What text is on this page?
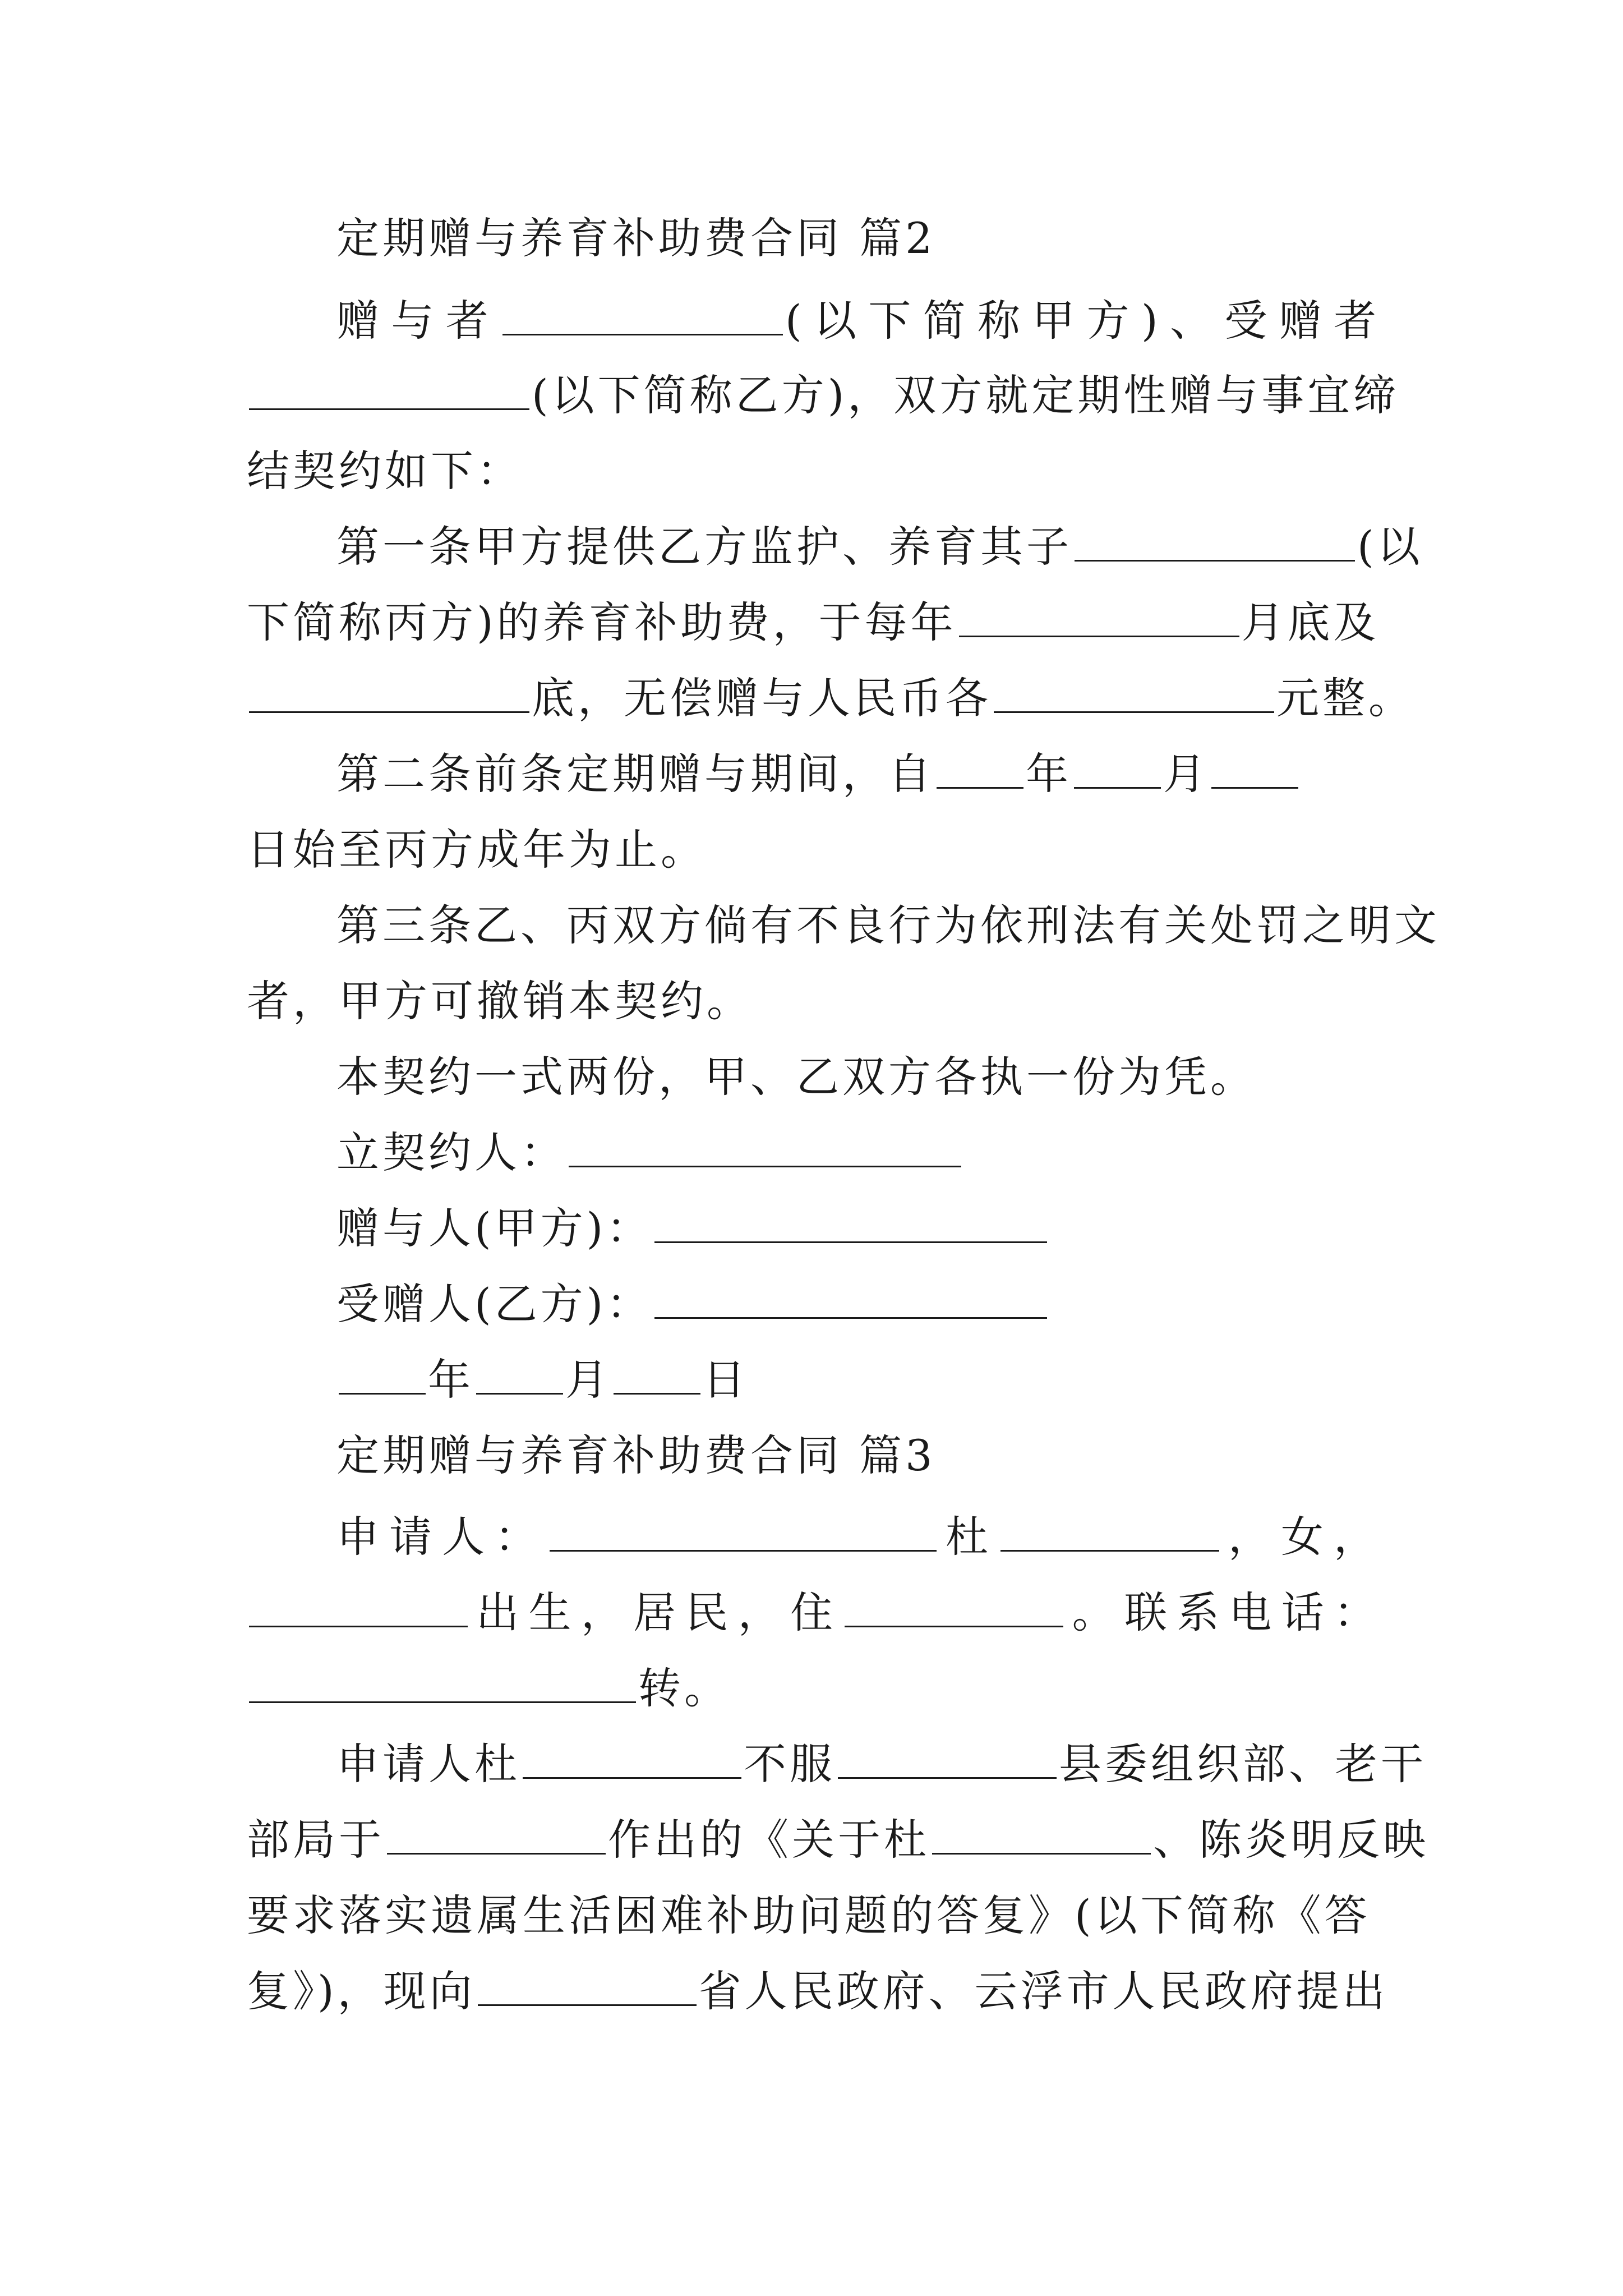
定期赠与养育补助费合同 篇2
赠与者	(以下简称甲方)、受赠者
(以下简称乙方)，双方就定期性赠与事宜缔
结契约如下：
第一条甲方提供乙方监护、养育其子	(以
下简称丙方)的养育补助费，于每年	月底及
底，无偿赠与人民币各	元整。
第二条前条定期赠与期间，自 年 月
日始至丙方成年为止。
第三条乙、丙双方倘有不良行为依刑法有关处罚之明文
者，甲方可撤销本契约。
本契约一式两份，甲、乙双方各执一份为凭。
立契约人：
赠与人(甲方)：
受赠人(乙方)：
年 月 日
定期赠与养育补助费合同 篇3
申请人：	杜	，女，
出生，居民，住	。联系电话：
转。
申请人杜	不服	县委组织部、老干
部局于	作出的《关于杜	、陈炎明反映
要求落实遗属生活困难补助问题的答复》(以下简称《答
复》)，现向	省人民政府、云浮市人民政府提出
